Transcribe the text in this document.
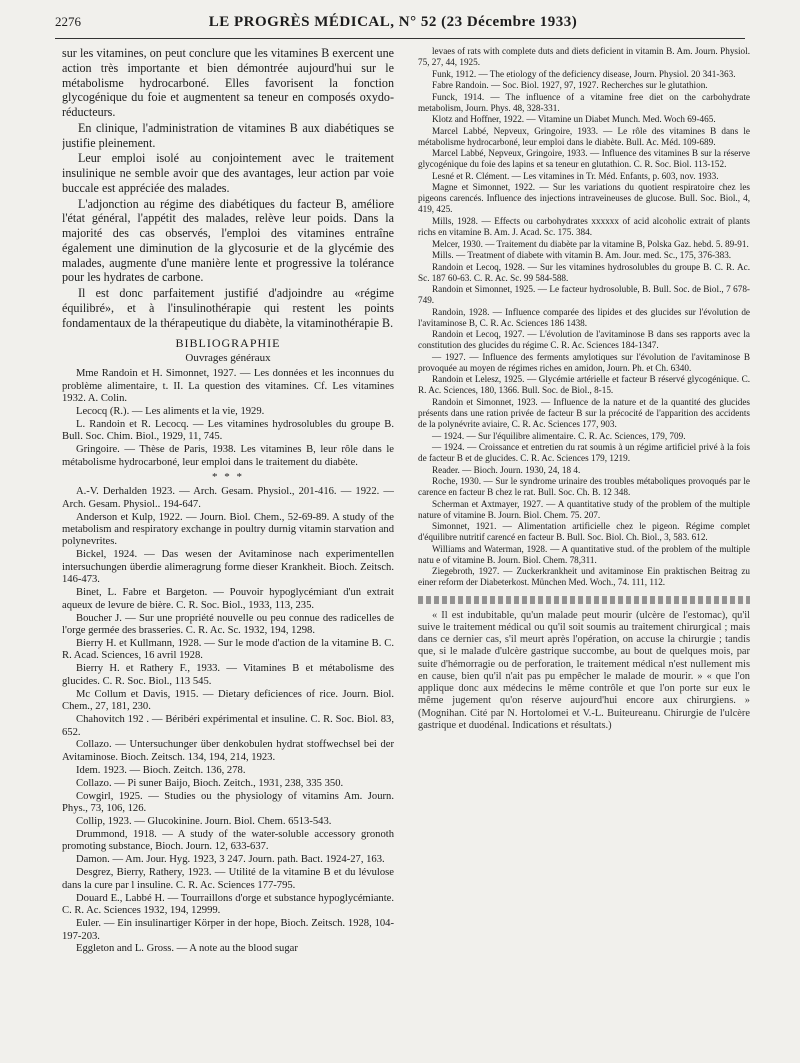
2276	LE PROGRÈS MÉDICAL, N° 52 (23 Décembre 1933)

sur les vitamines, on peut conclure que les vitamines B exercent une action très importante et bien démontrée aujourd'hui sur le métabolisme hydrocarboné. Elles favorisent la fonction glycogénique du foie et augmentent sa teneur en composés oxydo-réducteurs.

En clinique, l'administration de vitamines B aux diabétiques se justifie pleinement.

Leur emploi isolé au conjointement avec le traitement insulinique ne semble avoir que des avantages, leur action par voie buccale est appréciée des malades.

L'adjonction au régime des diabétiques du facteur B, améliore l'état général, l'appétit des malades, relève leur poids. Dans la majorité des cas observés, l'emploi des vitamines entraîne également une diminution de la glycosurie et de la glycémie des malades, augmente d'une manière lente et progressive la tolérance pour les hydrates de carbone.

Il est donc parfaitement justifié d'adjoindre au «régime équilibré», et à l'insulinothérapie qui restent les points fondamentaux de la thérapeutique du diabète, la vitaminothérapie B.

BIBLIOGRAPHIE
Ouvrages généraux

Mme Randoin et H. Simonnet, 1927. — Les données et les inconnues du problème alimentaire, t. II. La question des vitamines. Cf. Les vitamines 1932. A. Colin.

Lecocq (R.). — Les aliments et la vie, 1929.

L. Randoin et R. Lecocq. — Les vitamines hydrosolubles du groupe B. Bull. Soc. Chim. Biol., 1929, 11, 745.

Gringoire. — Thèse de Paris, 1938. Les vitamines B, leur rôle dans le métabolisme hydrocarboné, leur emploi dans le traitement du diabète.

* * *

A.-V. Derhalden 1923. — Arch. Gesam. Physiol., 201-416. — 1922. — Arch. Gesam. Physiol.. 194-647.

Anderson et Kulp, 1922. — Journ. Biol. Chem., 52-69-89. A study of the metabolism and respiratory exchange in poultry durnig vitamin starvation and polynevrites.

Bickel, 1924. — Das wesen der Avitaminose nach experimentellen intersuchungen überdie alimeragrung forme dieser Krankheit. Bioch. Zeitsch. 146-473.

Binet, L. Fabre et Bargeton. — Pouvoir hypoglycémiant d'un extrait aqueux de levure de bière. C. R. Soc. Biol., 1933, 113, 235.

Boucher J. — Sur une propriété nouvelle ou peu connue des radicelles de l'orge germée des brasseries. C. R. Ac. Sc. 1932, 194, 1298.

Bierry H. et Kullmann, 1928. — Sur le mode d'action de la vitamine B. C. R. Acad. Sciences, 16 avril 1928.

Bierry H. et Rathery F., 1933. — Vitamines B et métabolisme des glucides. C. R. Soc. Biol., 113 545.

Mc Collum et Davis, 1915. — Dietary deficiences of rice. Journ. Biol. Chem., 27, 181, 230.

Chahovitch 192 . — Béribéri expérimental et insuline. C. R. Soc. Biol. 83, 652.

Collazo. — Untersuchunger über denkobulen hydrat stoffwechsel bei der Avitaminose. Bioch. Zeitsch. 134, 194, 214, 1923.

Idem. 1923. — Bioch. Zeitch. 136, 278.

Collazo. — Pi suner Baijo, Bioch. Zeitch., 1931, 238, 335 350.

Cowgirl, 1925. — Studies ou the physiology of vitamins Am. Journ. Phys., 73, 106, 126.

Collip, 1923. — Glucokinine. Journ. Biol. Chem. 6513-543.

Drummond, 1918. — A study of the water-soluble accessory gronoth promoting substance, Bioch. Journ. 12, 633-637.

Damon. — Am. Jour. Hyg. 1923, 3 247. Journ. path. Bact. 1924-27, 163.

Desgrez, Bierry, Rathery, 1923. — Utilité de la vitamine B et du lévulose dans la cure par l insuline. C. R. Ac. Sciences 177-795.

Douard E., Labbé H. — Tourraillons d'orge et substance hypoglycémiante. C. R. Ac. Sciences 1932, 194, 12999.

Euler. — Ein insulinartiger Körper in der hope, Bioch. Zeitsch. 1928, 104-197-203.

Eggleton and L. Gross. — A note au the blood sugar

levaes of rats with complete duts and diets deficient in vitamin B. Am. Journ. Physiol. 75, 27, 44, 1925.

Funk, 1912. — The etiology of the deficiency disease, Journ. Physiol. 20 341-363.

Fabre Randoin. — Soc. Biol. 1927, 97, 1927. Recherches sur le glutathion.

Funck, 1914. — The influence of a vitamine free diet on the carbohydrate metabolism, Journ. Phys. 48, 328-331.

Klotz and Hoffner, 1922. — Vitamine un Diabet Munch. Med. Woch 69-465.

Marcel Labbé, Nepveux, Gringoire, 1933. — Le rôle des vitamines B dans le métabolisme hydrocarboné, leur emploi dans le diabète. Bull. Ac. Méd. 109-689.

Marcel Labbé, Nepveux, Gringoire, 1933. — Influence des vitamines B sur la réserve glycogénique du foie des lapins et sa teneur en glutathion. C. R. Soc. Biol. 113-152.

Lesné et R. Clément. — Les vitamines in Tr. Méd. Enfants, p. 603, nov. 1933.

Magne et Simonnet, 1922. — Sur les variations du quotient respiratoire chez les pigeons carencés. Influence des injections intraveineuses de glucose. Bull. Soc. Biol., 4, 419, 425.

Mills, 1928. — Effects ou carbohydrates xxxxxx of acid alcoholic extrait of plants richs en vitamine B. Am. J. Acad. Sc. 175. 384.

Melcer, 1930. — Traitement du diabète par la vitamine B, Polska Gaz. hebd. 5. 89-91.

Mills. — Treatment of diabete with vitamin B. Am. Jour. med. Sc., 175, 376-383.

Randoin et Lecoq, 1928. — Sur les vitamines hydrosolubles du groupe B. C. R. Ac. Sc. 187 60-63. C. R. Ac. Sc. 99 584-588.

Randoin et Simonnet, 1925. — Le facteur hydrosoluble, B. Bull. Soc. de Biol., 7 678-749.

Randoin, 1928. — Influence comparée des lipides et des glucides sur l'évolution de l'avitaminose B, C. R. Ac. Sciences 186 1438.

Randoin et Lecoq, 1927. — L'évolution de l'avitaminose B dans ses rapports avec la constitution des glucides du régime C. R. Ac. Sciences 184-1347.

— 1927. — Influence des ferments amylotiques sur l'évolution de l'avitaminose B provoquée au moyen de régimes riches en amidon, Journ. Ph. et Ch. 6340.

Randoin et Lelesz, 1925. — Glycémie artérielle et facteur B réservé glycogénique. C. R. Ac. Sciences, 180, 1366. Bull. Soc. de Biol., 8-15.

Randoin et Simonnet, 1923. — Influence de la nature et de la quantité des glucides présents dans une ration privée de facteur B sur la précocité de l'apparition des accidents de la polynévrite aviaire, C. R. Ac. Sciences 177, 903.

— 1924. — Sur l'équilibre alimentaire. C. R. Ac. Sciences, 179, 709.

— 1924. — Croissance et entretien du rat soumis à un régime artificiel privé à la fois de facteur B et de glucides. C. R. Ac. Sciences 179, 1219.

Reader. — Bioch. Journ. 1930, 24, 18 4.

Roche, 1930. — Sur le syndrome urinaire des troubles métaboliques provoqués par le carence en facteur B chez le rat. Bull. Soc. Ch. B. 12 348.

Scherman et Axtmayer, 1927. — A quantitative study of the problem of the multiple nature of vitamine B. Journ. Biol. Chem. 75. 207.

Simonnet, 1921. — Alimentation artificielle chez le pigeon. Régime complet d'équilibre nutritif carencé en facteur B. Bull. Soc. Biol. Ch. Biol., 3, 583. 612.

Williams and Waterman, 1928. — A quantitative stud. of the problem of the multiple natu e of vitamine B. Journ. Biol. Chem. 78,311.

Ziegebroth, 1927. — Zuckerkrankheit und avitaminose Ein praktischen Beitrag zu einer reform der Diabeterkost. München Med. Woch., 74. 111, 112.

« Il est indubitable, qu'un malade peut mourir (ulcère de l'estomac), qu'il suive le traitement médical ou qu'il soit soumis au traitement chirurgical ; mais dans ce dernier cas, s'il meurt après l'opération, on accuse la chirurgie ; tandis que, si le malade d'ulcère gastrique succombe, au bout de quelques mois, par suite d'hémorragie ou de perforation, le traitement médical n'est nullement mis en cause, bien qu'il n'ait pas pu empêcher le malade de mourir. » « que l'on applique donc aux médecins le même contrôle et que l'on porte sur eux le même jugement qu'on réserve aujourd'hui encore aux chirurgiens. » (Mognihan. Cité par N. Hortolomei et V.-L. Buiteureanu. Chirurgie de l'ulcère gastrique et duodénal. Indications et résultats.)
